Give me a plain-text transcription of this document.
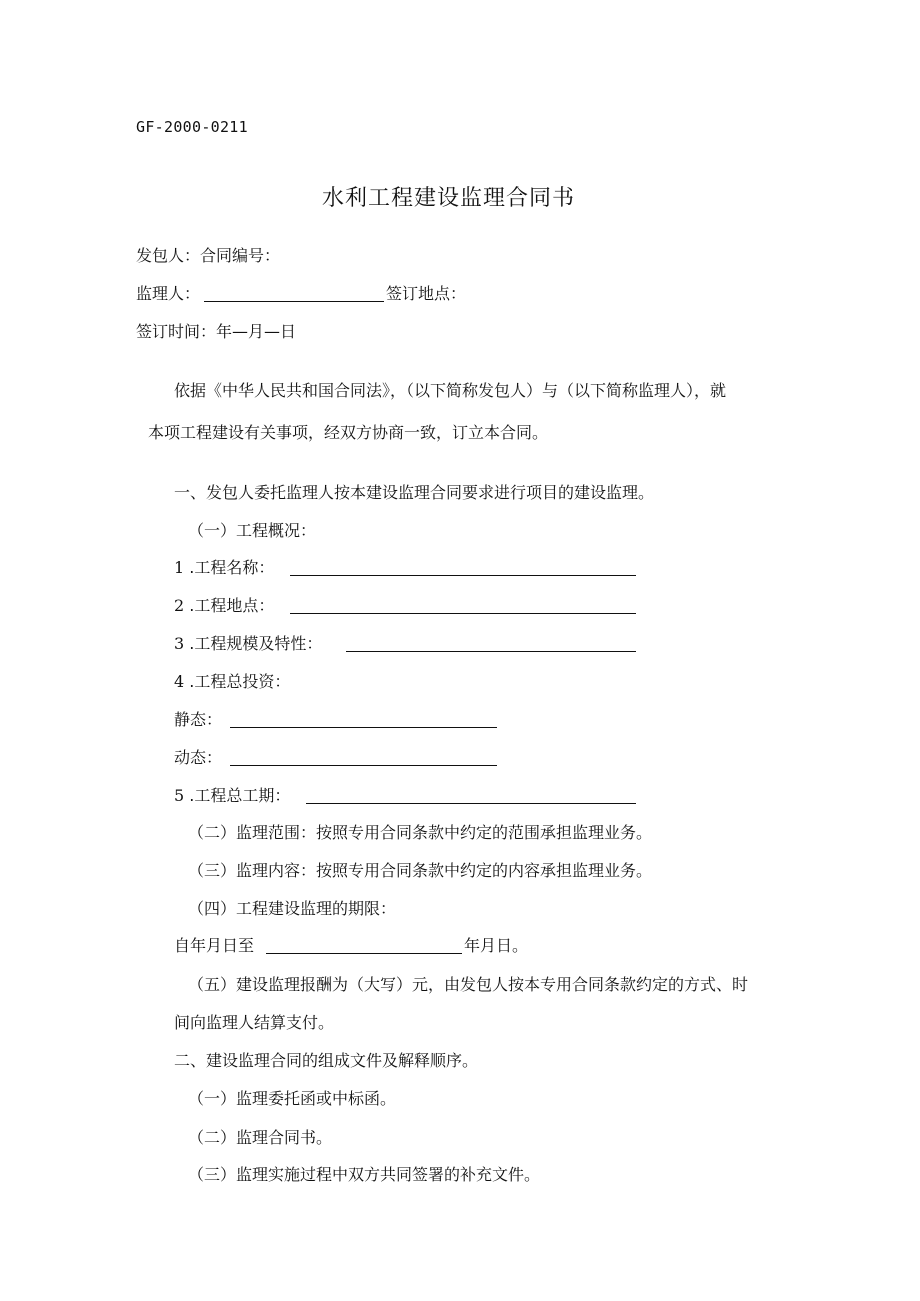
GF-2000-0211
水利工程建设监理合同书
发包人：合同编号：
监理人：	签订地点：
签订时间：年—月—日
依据《中华人民共和国合同法》，（以下简称发包人）与（以下简称监理人），就
本项工程建设有关事项，经双方协商一致，订立本合同。
一、发包人委托监理人按本建设监理合同要求进行项目的建设监理。
（一）工程概况：
1 .工程名称：
2 .工程地点：
3 .工程规模及特性：
4 .工程总投资：
静态：
动态：
5 .工程总工期：
（二）监理范围：按照专用合同条款中约定的范围承担监理业务。
（三）监理内容：按照专用合同条款中约定的内容承担监理业务。
（四）工程建设监理的期限：
自年月日至	年月日。
（五）建设监理报酬为（大写）元，由发包人按本专用合同条款约定的方式、时
间向监理人结算支付。
二、建设监理合同的组成文件及解释顺序。
（一）监理委托函或中标函。
（二）监理合同书。
（三）监理实施过程中双方共同签署的补充文件。
